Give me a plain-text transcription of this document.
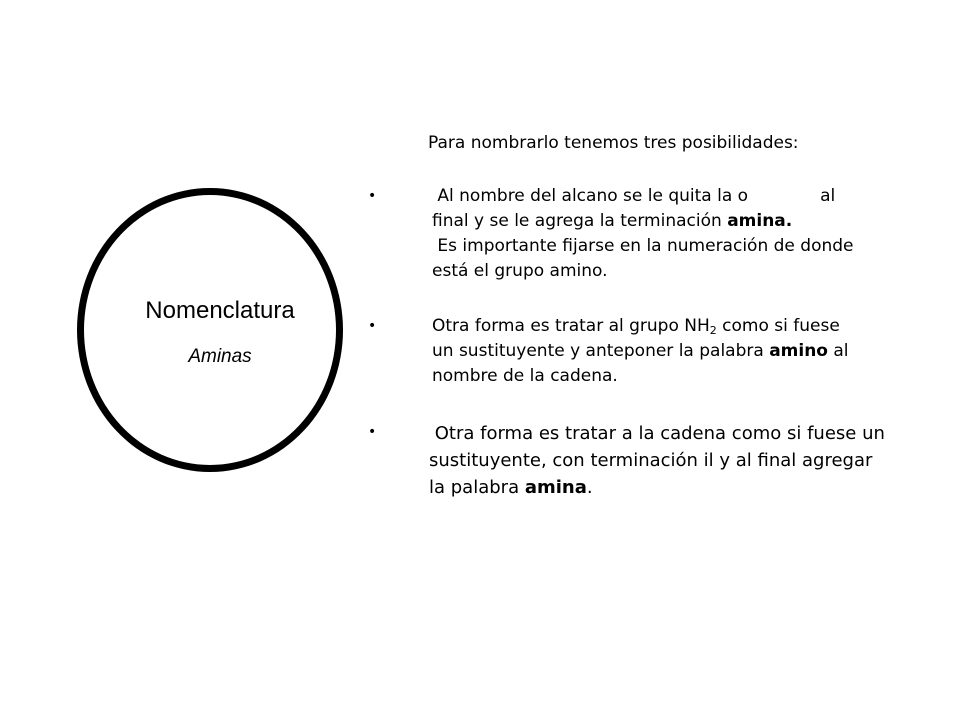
Nomenclatura
Aminas
Para nombrarlo tenemos tres posibilidades:
•	Al nombre del alcano se le quita la o	al
final y se le agrega la terminación amina.
Es importante fijarse en la numeración de donde
está el grupo amino.
•	Otra forma es tratar al grupo $NH_2$ como si fuese
un sustituyente y anteponer la palabra amino al
nombre de la cadena.
•	Otra forma es tratar a la cadena como si fuese un
sustituyente, con terminación il y al final agregar
la palabra amina.
